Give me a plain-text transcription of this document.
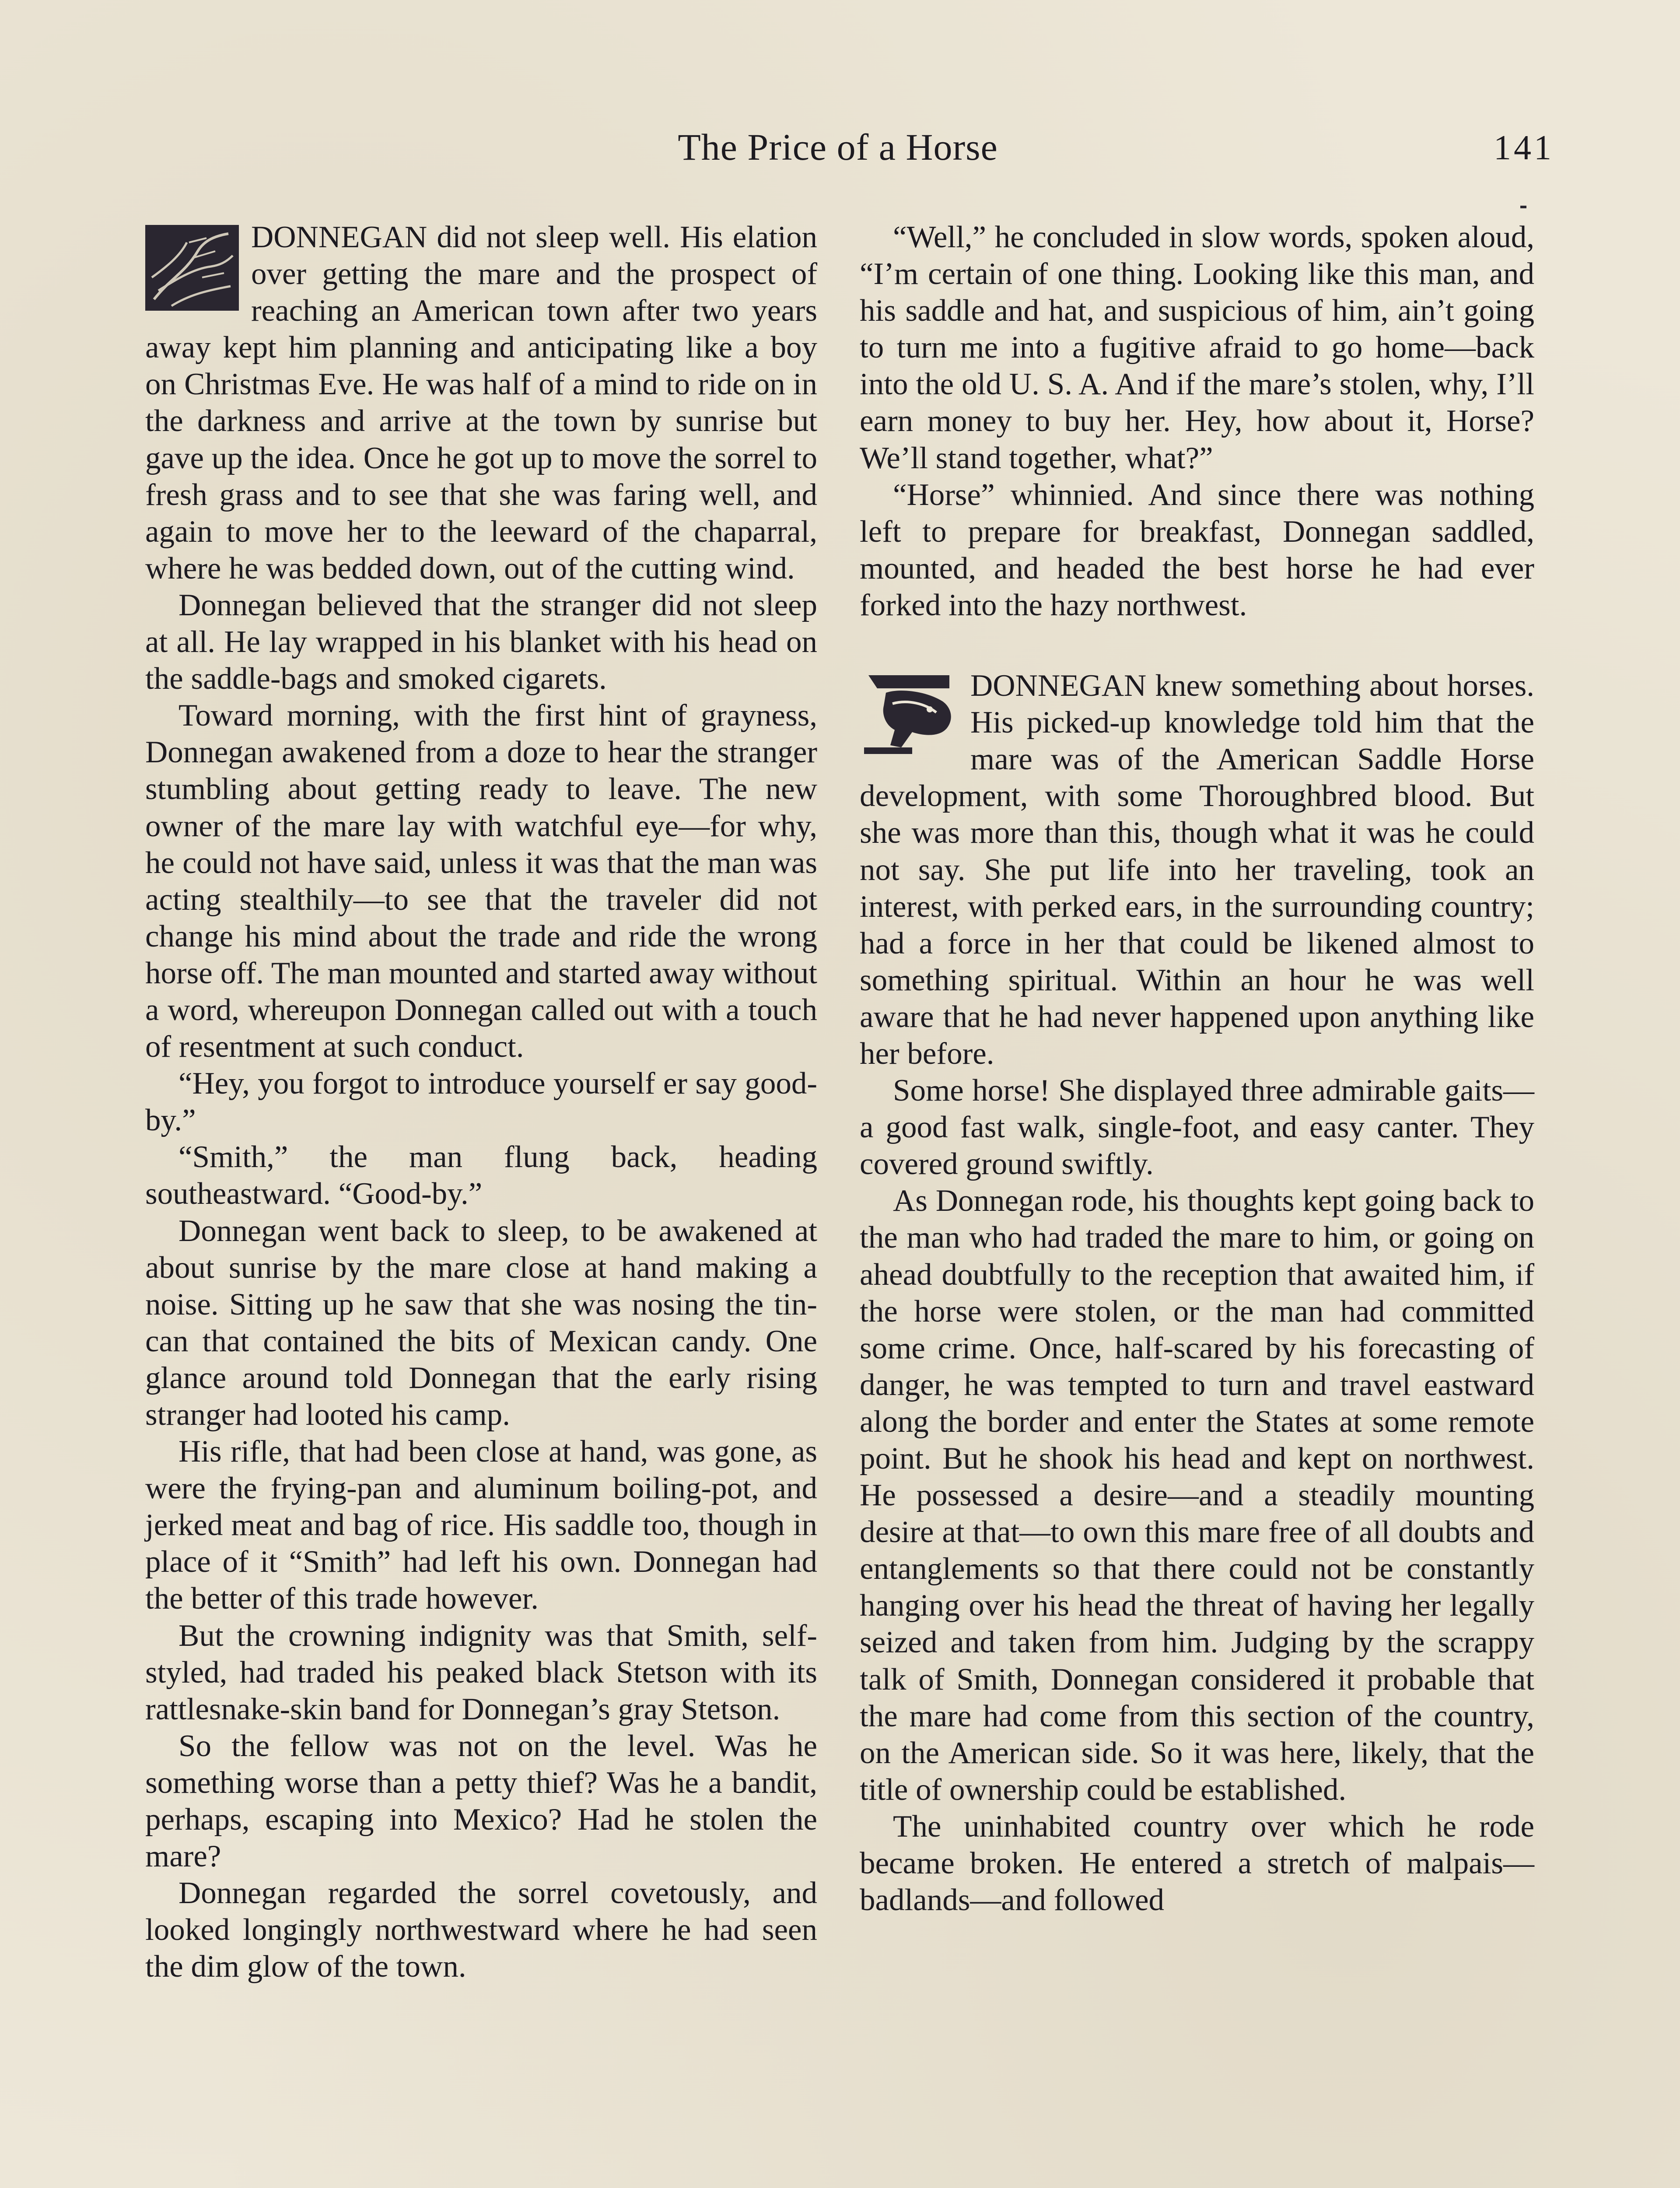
The Price of a Horse	141

DONNEGAN did not sleep well. His elation over getting the mare and the prospect of reaching an American town after two years away kept him planning and anticipating like a boy on Christmas Eve. He was half of a mind to ride on in the darkness and arrive at the town by sunrise but gave up the idea. Once he got up to move the sorrel to fresh grass and to see that she was faring well, and again to move her to the leeward of the chaparral, where he was bedded down, out of the cutting wind.

Donnegan believed that the stranger did not sleep at all. He lay wrapped in his blanket with his head on the saddle-bags and smoked cigarets.

Toward morning, with the first hint of grayness, Donnegan awakened from a doze to hear the stranger stumbling about getting ready to leave. The new owner of the mare lay with watchful eye—for why, he could not have said, unless it was that the man was acting stealthily—to see that the traveler did not change his mind about the trade and ride the wrong horse off. The man mounted and started away without a word, whereupon Donnegan called out with a touch of resentment at such conduct.

“Hey, you forgot to introduce yourself er say good-by.”

“Smith,” the man flung back, heading southeastward. “Good-by.”

Donnegan went back to sleep, to be awakened at about sunrise by the mare close at hand making a noise. Sitting up he saw that she was nosing the tin-can that contained the bits of Mexican candy. One glance around told Donnegan that the early rising stranger had looted his camp.

His rifle, that had been close at hand, was gone, as were the frying-pan and aluminum boiling-pot, and jerked meat and bag of rice. His saddle too, though in place of it “Smith” had left his own. Donnegan had the better of this trade however.

But the crowning indignity was that Smith, self-styled, had traded his peaked black Stetson with its rattlesnake-skin band for Donnegan’s gray Stetson.

So the fellow was not on the level. Was he something worse than a petty thief? Was he a bandit, perhaps, escaping into Mexico? Had he stolen the mare?

Donnegan regarded the sorrel covetously, and looked longingly northwestward where he had seen the dim glow of the town.

“Well,” he concluded in slow words, spoken aloud, “I’m certain of one thing. Looking like this man, and his saddle and hat, and suspicious of him, ain’t going to turn me into a fugitive afraid to go home—back into the old U. S. A. And if the mare’s stolen, why, I’ll earn money to buy her. Hey, how about it, Horse? We’ll stand together, what?”

“Horse” whinnied. And since there was nothing left to prepare for breakfast, Donnegan saddled, mounted, and headed the best horse he had ever forked into the hazy northwest.

DONNEGAN knew something about horses. His picked-up knowledge told him that the mare was of the American Saddle Horse development, with some Thoroughbred blood. But she was more than this, though what it was he could not say. She put life into her traveling, took an interest, with perked ears, in the surrounding country; had a force in her that could be likened almost to something spiritual. Within an hour he was well aware that he had never happened upon anything like her before.

Some horse! She displayed three admirable gaits—a good fast walk, single-foot, and easy canter. They covered ground swiftly.

As Donnegan rode, his thoughts kept going back to the man who had traded the mare to him, or going on ahead doubtfully to the reception that awaited him, if the horse were stolen, or the man had committed some crime. Once, half-scared by his forecasting of danger, he was tempted to turn and travel eastward along the border and enter the States at some remote point. But he shook his head and kept on northwest. He possessed a desire—and a steadily mounting desire at that—to own this mare free of all doubts and entanglements so that there could not be constantly hanging over his head the threat of having her legally seized and taken from him. Judging by the scrappy talk of Smith, Donnegan considered it probable that the mare had come from this section of the country, on the American side. So it was here, likely, that the title of ownership could be established.

The uninhabited country over which he rode became broken. He entered a stretch of malpais—badlands—and followed
